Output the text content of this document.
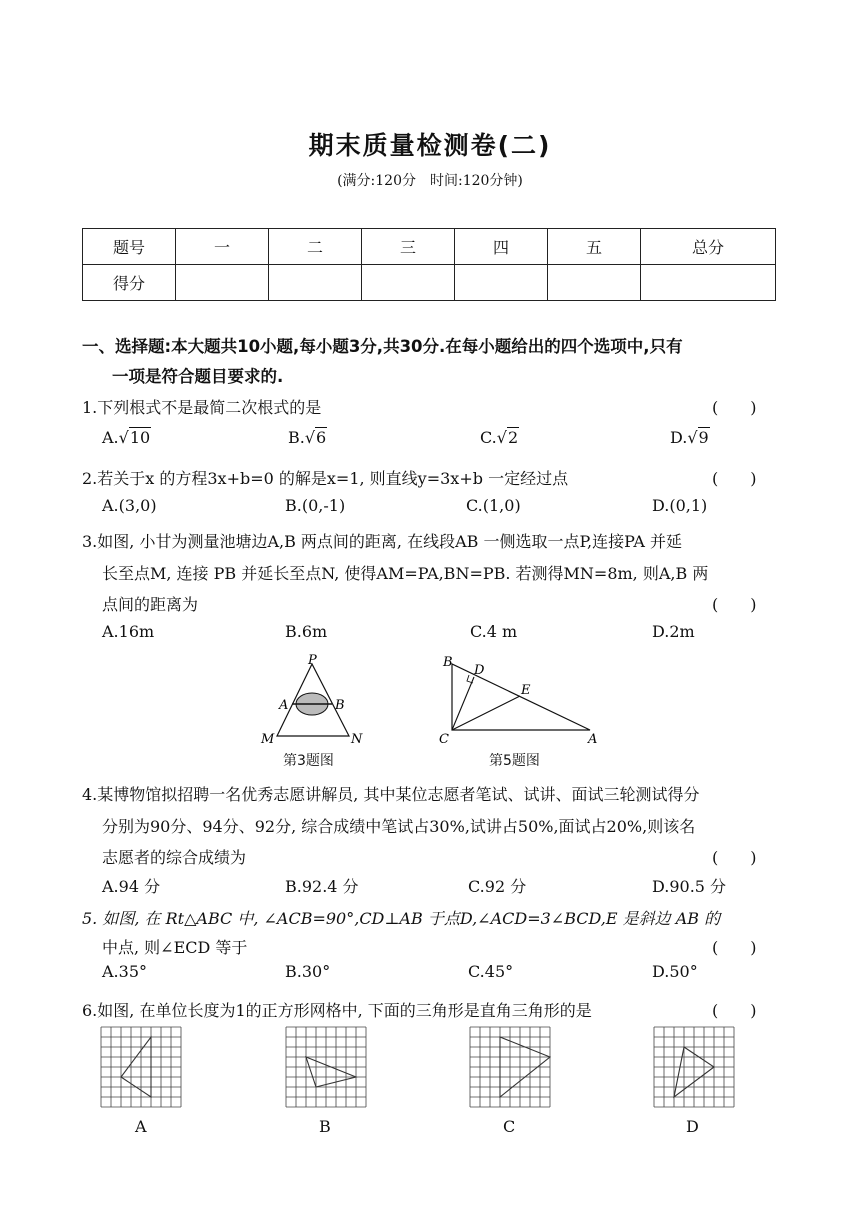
期末质量检测卷(二)
(满分:120分　时间:120分钟)
题号	一	二	三	四	五	总分
得分						
一、选择题:本大题共10小题,每小题3分,共30分.在每小题给出的四个选项中,只有
一项是符合题目要求的.
1.下列根式不是最简二次根式的是	(　　)
A.√10	B.√6	C.√2	D.√9
2.若关于x 的方程3x+b=0 的解是x=1, 则直线y=3x+b 一定经过点	(　　)
A.(3,0)	B.(0,-1)	C.(1,0)	D.(0,1)
3.如图, 小甘为测量池塘边A,B 两点间的距离, 在线段AB 一侧选取一点P,连接PA 并延
长至点M, 连接 PB 并延长至点N, 使得AM=PA,BN=PB. 若测得MN=8m, 则A,B 两
点间的距离为	(　　)
A.16m	B.6m	C.4 m	D.2m
P
A	B
M	N
第3题图
B
D
E
C	A
第5题图
4.某博物馆拟招聘一名优秀志愿讲解员, 其中某位志愿者笔试、试讲、面试三轮测试得分
分别为90分、94分、92分, 综合成绩中笔试占30%,试讲占50%,面试占20%,则该名
志愿者的综合成绩为	(　　)
A.94 分	B.92.4 分	C.92 分	D.90.5 分
5. 如图, 在 Rt△ABC 中, ∠ACB=90°,CD⊥AB 于点D,∠ACD=3∠BCD,E 是斜边 AB 的
中点, 则∠ECD 等于	(　　)
A.35°	B.30°	C.45°	D.50°
6.如图, 在单位长度为1的正方形网格中, 下面的三角形是直角三角形的是	(　　)
A	B	C	D
